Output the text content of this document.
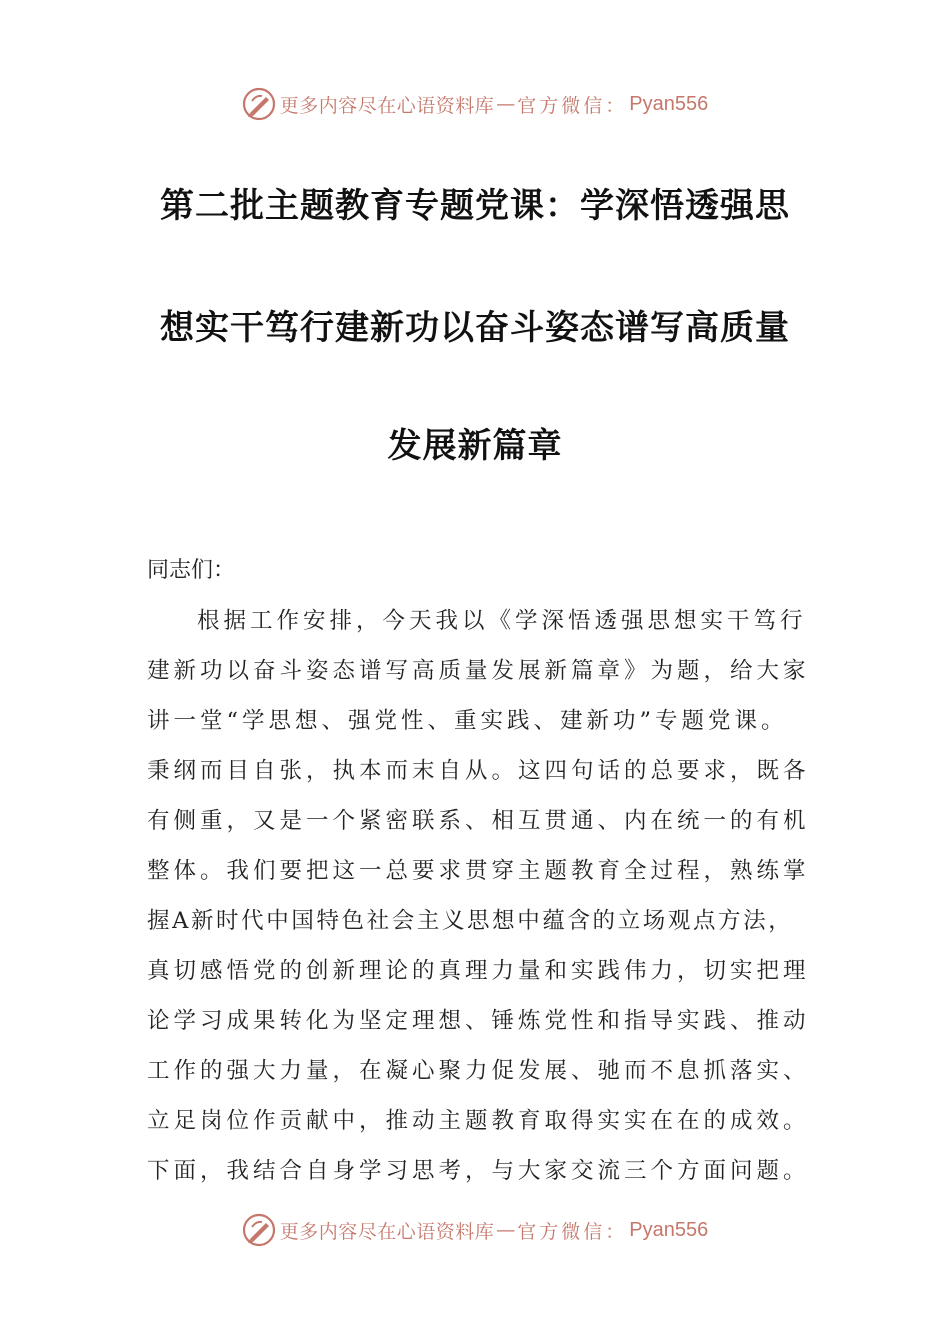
更多内容尽在心语资料库 — 官方微信： Pyan556
第二批主题教育专题党课：学深悟透强思
想实干笃行建新功以奋斗姿态谱写高质量
发展新篇章
同志们：
根据工作安排，今天我以《学深悟透强思想实干笃行
建新功以奋斗姿态谱写高质量发展新篇章》为题，给大家
讲一堂“学思想、强党性、重实践、建新功”专题党课。
秉纲而目自张，执本而末自从。这四句话的总要求，既各
有侧重，又是一个紧密联系、相互贯通、内在统一的有机
整体。我们要把这一总要求贯穿主题教育全过程，熟练掌
握A新时代中国特色社会主义思想中蕴含的立场观点方法，
真切感悟党的创新理论的真理力量和实践伟力，切实把理
论学习成果转化为坚定理想、锤炼党性和指导实践、推动
工作的强大力量，在凝心聚力促发展、驰而不息抓落实、
立足岗位作贡献中，推动主题教育取得实实在在的成效。
下面，我结合自身学习思考，与大家交流三个方面问题。
更多内容尽在心语资料库 — 官方微信： Pyan556
